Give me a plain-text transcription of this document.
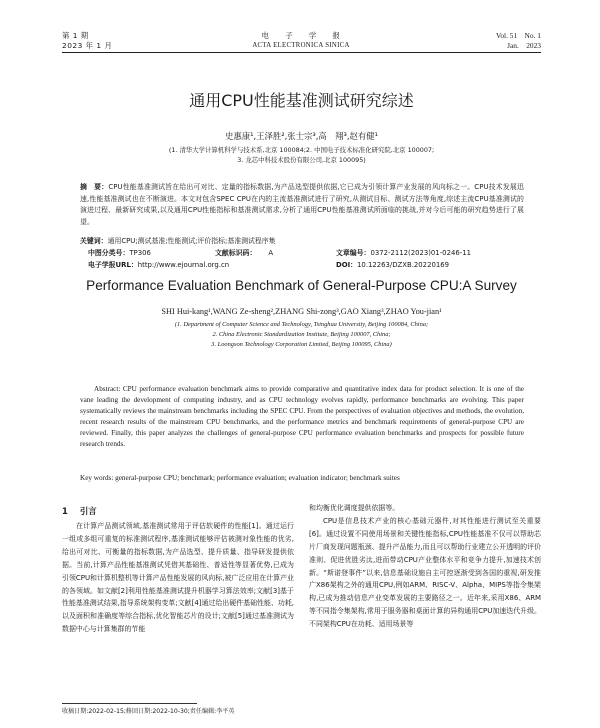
第 1 期
2023 年 1 月
电　　子　　学　　报
ACTA ELECTRONICA SINICA
Vol. 51　No. 1
Jan.　2023
通用CPU性能基准测试研究综述
史惠康¹,王泽胜²,张士宗³,高　翔³,赵有健¹
(1. 清华大学计算机科学与技术系,北京 100084;2. 中国电子技术标准化研究院,北京 100007;
3. 龙芯中科技术股份有限公司,北京 100095)
摘　要：CPU性能基准测试旨在给出可对比、定量的指标数据,为产品选型提供依据,它已成为引领计算产业发展的风向标之一。CPU技术发展迅速,性能基准测试也在不断演进。本文对包含SPEC CPU在内的主流基准测试进行了研究,从测试目标、测试方法等角度,综述主流CPU基准测试的演进过程、最新研究成果,以及通用CPU性能指标和基准测试需求,分析了通用CPU性能基准测试所面临的挑战,并对今后可能的研究趋势进行了展望。
关键词：通用CPU;测试基准;性能测试;评价指标;基准测试程序集
中图分类号：TP306	文献标识码： A	文章编号：0372-2112(2023)01-0246-11
电子学报URL：http://www.ejournal.org.cn	DOI：10.12263/DZXB.20220169
Performance Evaluation Benchmark of General-Purpose CPU:A Survey
SHI Hui-kang¹,WANG Ze-sheng²,ZHANG Shi-zong³,GAO Xiang³,ZHAO You-jian¹
(1. Department of Computer Science and Technology, Tsinghua University, Beijing 100084, China;
2. China Electronic Standardization Institute, Beijing 100007, China;
3. Loongson Technology Corporation Limited, Beijing 100095, China)
Abstract: CPU performance evaluation benchmark aims to provide comparative and quantitative index data for product selection. It is one of the vane leading the development of computing industry, and as CPU technology evolves rapidly, performance benchmarks are evolving. This paper systematically reviews the mainstream benchmarks including the SPEC CPU. From the perspectives of evaluation objectives and methods, the evolution, recent research results of the mainstream CPU benchmarks, and the performance metrics and benchmark requirements of general-purpose CPU are reviewed. Finally, this paper analyzes the challenges of general-purpose CPU performance evaluation benchmarks and prospects for possible future research trends.
Key words: general-purpose CPU; benchmark; performance evaluation; evaluation indicator; benchmark suites
1 引言

在计算产品测试领域,基准测试常用于评估软硬件的性能[1]。通过运行一组或多组可重复的标准测试程序,基准测试能够评估被测对象性能的优劣,给出可对比、可衡量的指标数据,为产品选型、提升质量、指导研发提供依据。当前,计算产品性能基准测试凭借其基础性、普适性等显著优势,已成为引领CPU和计算机整机等计算产品性能发展的风向标,被广泛应用在计算产业的各领域。如文献[2]利用性能基准测试提升机器学习算法效率;文献[3]基于性能基准测试结果,指导系统架构变革;文献[4]通过给出硬件基础性能、功耗,以及面积和准确度等综合指标,优化智能芯片的设计;文献[5]通过基准测试为数据中心与计算集群的节能

和均衡优化调度提供依据等。

CPU是信息技术产业的核心基础元器件,对其性能进行测试至关重要[6]。通过设置不同使用场景和关键性能指标,CPU性能基准不仅可以帮助芯片厂商发现问题瓶颈、提升产品能力,而且可以帮助行业建立公开透明的评价准则、促进优胜劣汰,进而带动CPU产业整体水平和竞争力提升,加速技术创新。“斯诺登事件”以来,信息基础设施自主可控逐渐受到各国的重视,研发推广X86架构之外的通用CPU,例如ARM、RISC-V、Alpha、MIPS等指令集架构,已成为推动信息产业变革发展的主要路径之一。近年来,采用X86、ARM等不同指令集架构,常用于服务器和桌面计算的异构通用CPU加速迭代升级。不同架构CPU在功耗、适用场景等

收稿日期:2022-02-15;修回日期:2022-10-30;责任编辑:李平英
